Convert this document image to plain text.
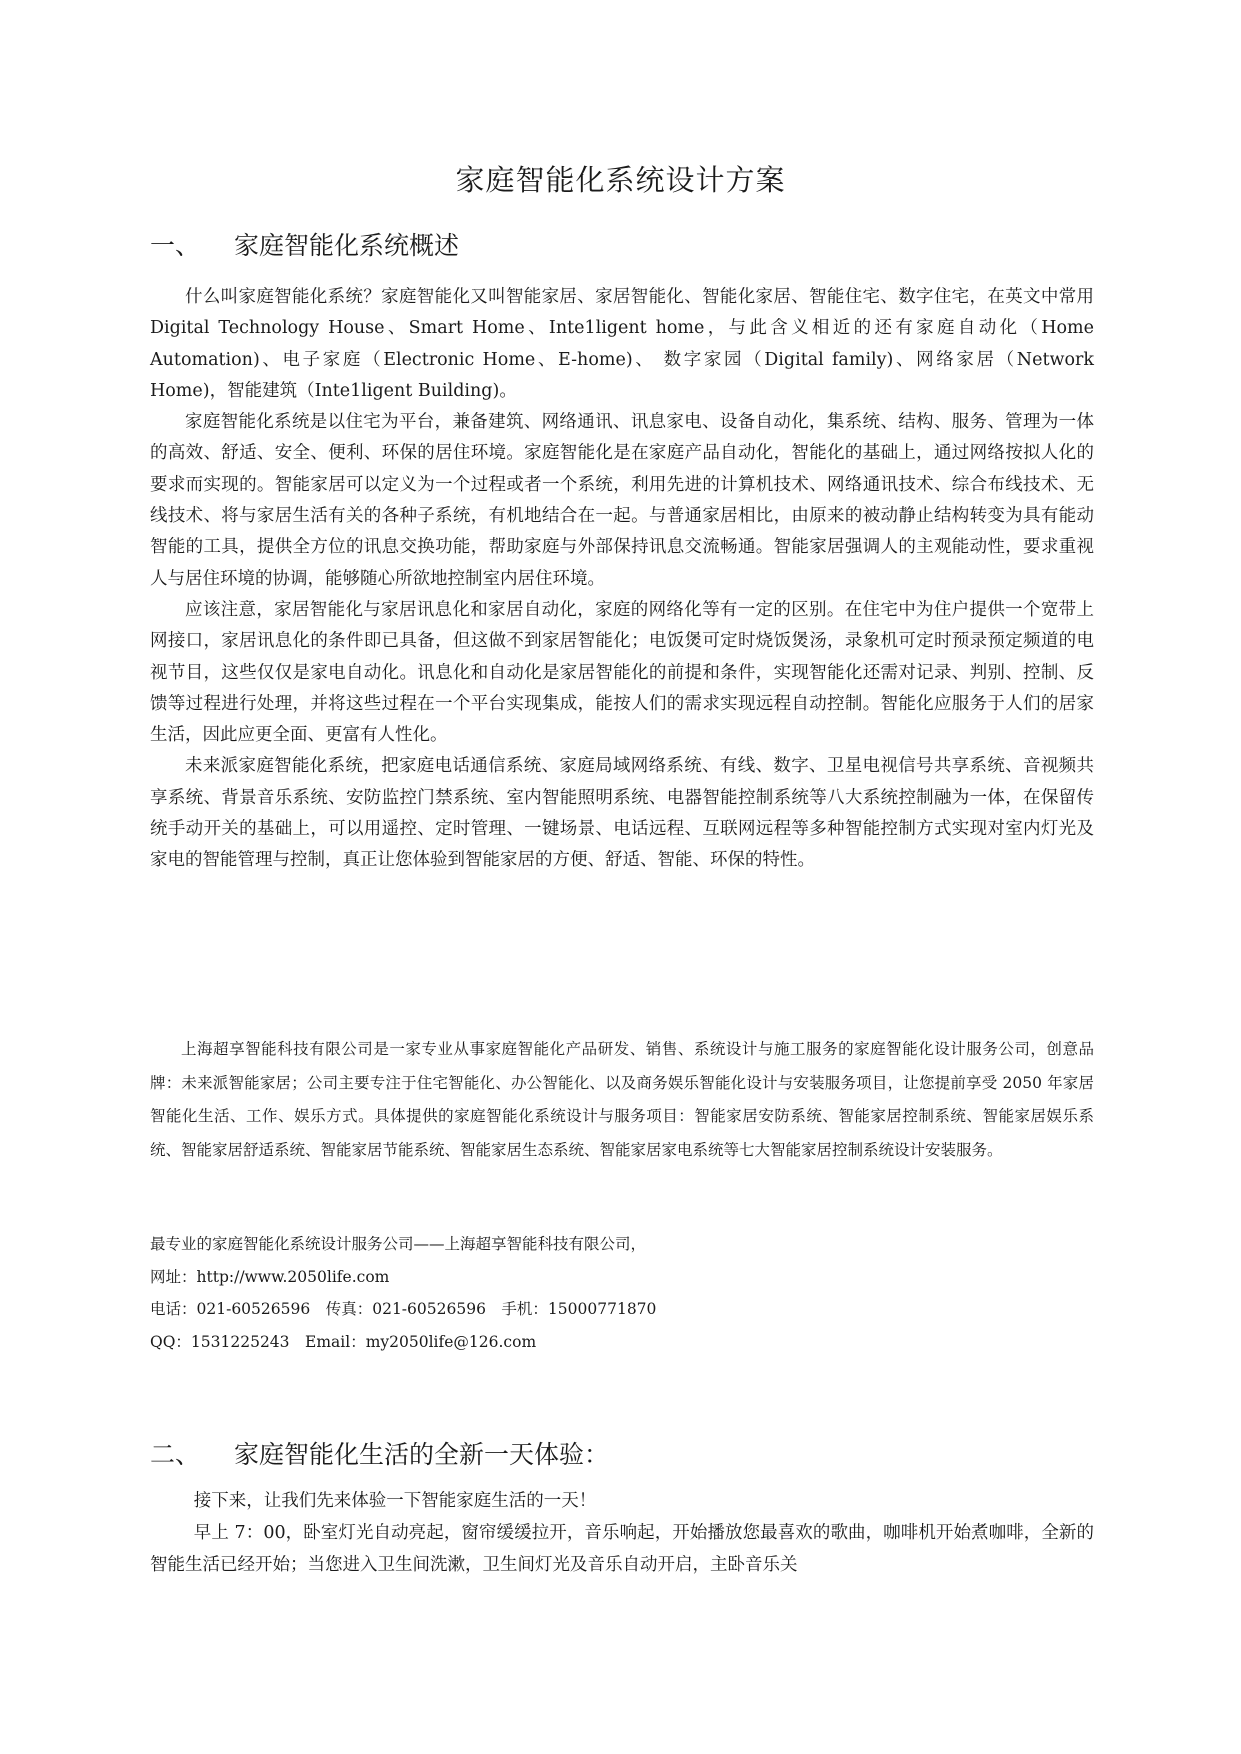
家庭智能化系统设计方案
一、 家庭智能化系统概述

什么叫家庭智能化系统？家庭智能化又叫智能家居、家居智能化、智能化家居、智能住宅、数字住宅，在英文中常用 Digital Technology House、Smart Home、Inte1ligent home，与此含义相近的还有家庭自动化（Home Automation)、电子家庭（Electronic Home、E-home)、 数字家园（Digital family)、网络家居（Network Home)，智能建筑（Inte1ligent Building)。

家庭智能化系统是以住宅为平台，兼备建筑、网络通讯、讯息家电、设备自动化，集系统、结构、服务、管理为一体的高效、舒适、安全、便利、环保的居住环境。家庭智能化是在家庭产品自动化，智能化的基础上，通过网络按拟人化的要求而实现的。智能家居可以定义为一个过程或者一个系统，利用先进的计算机技术、网络通讯技术、综合布线技术、无线技术、将与家居生活有关的各种子系统，有机地结合在一起。与普通家居相比，由原来的被动静止结构转变为具有能动智能的工具，提供全方位的讯息交换功能，帮助家庭与外部保持讯息交流畅通。智能家居强调人的主观能动性，要求重视人与居住环境的协调，能够随心所欲地控制室内居住环境。

应该注意，家居智能化与家居讯息化和家居自动化，家庭的网络化等有一定的区别。在住宅中为住户提供一个宽带上网接口，家居讯息化的条件即已具备，但这做不到家居智能化；电饭煲可定时烧饭煲汤，录象机可定时预录预定频道的电视节目，这些仅仅是家电自动化。讯息化和自动化是家居智能化的前提和条件，实现智能化还需对记录、判别、控制、反馈等过程进行处理，并将这些过程在一个平台实现集成，能按人们的需求实现远程自动控制。智能化应服务于人们的居家生活，因此应更全面、更富有人性化。

未来派家庭智能化系统，把家庭电话通信系统、家庭局域网络系统、有线、数字、卫星电视信号共享系统、音视频共享系统、背景音乐系统、安防监控门禁系统、室内智能照明系统、电器智能控制系统等八大系统控制融为一体，在保留传统手动开关的基础上，可以用遥控、定时管理、一键场景、电话远程、互联网远程等多种智能控制方式实现对室内灯光及家电的智能管理与控制，真正让您体验到智能家居的方便、舒适、智能、环保的特性。

上海超享智能科技有限公司是一家专业从事家庭智能化产品研发、销售、系统设计与施工服务的家庭智能化设计服务公司，创意品牌：未来派智能家居；公司主要专注于住宅智能化、办公智能化、以及商务娱乐智能化设计与安装服务项目，让您提前享受 2050 年家居智能化生活、工作、娱乐方式。具体提供的家庭智能化系统设计与服务项目：智能家居安防系统、智能家居控制系统、智能家居娱乐系统、智能家居舒适系统、智能家居节能系统、智能家居生态系统、智能家居家电系统等七大智能家居控制系统设计安装服务。

最专业的家庭智能化系统设计服务公司——上海超享智能科技有限公司，
网址：http://www.2050life.com
电话：021-60526596　传真：021-60526596　手机：15000771870
QQ：1531225243　Email：my2050life@126.com
二、 家庭智能化生活的全新一天体验：

接下来，让我们先来体验一下智能家庭生活的一天！

早上 7：00，卧室灯光自动亮起，窗帘缓缓拉开，音乐响起，开始播放您最喜欢的歌曲，咖啡机开始煮咖啡，全新的智能生活已经开始；当您进入卫生间洗漱，卫生间灯光及音乐自动开启，主卧音乐关
